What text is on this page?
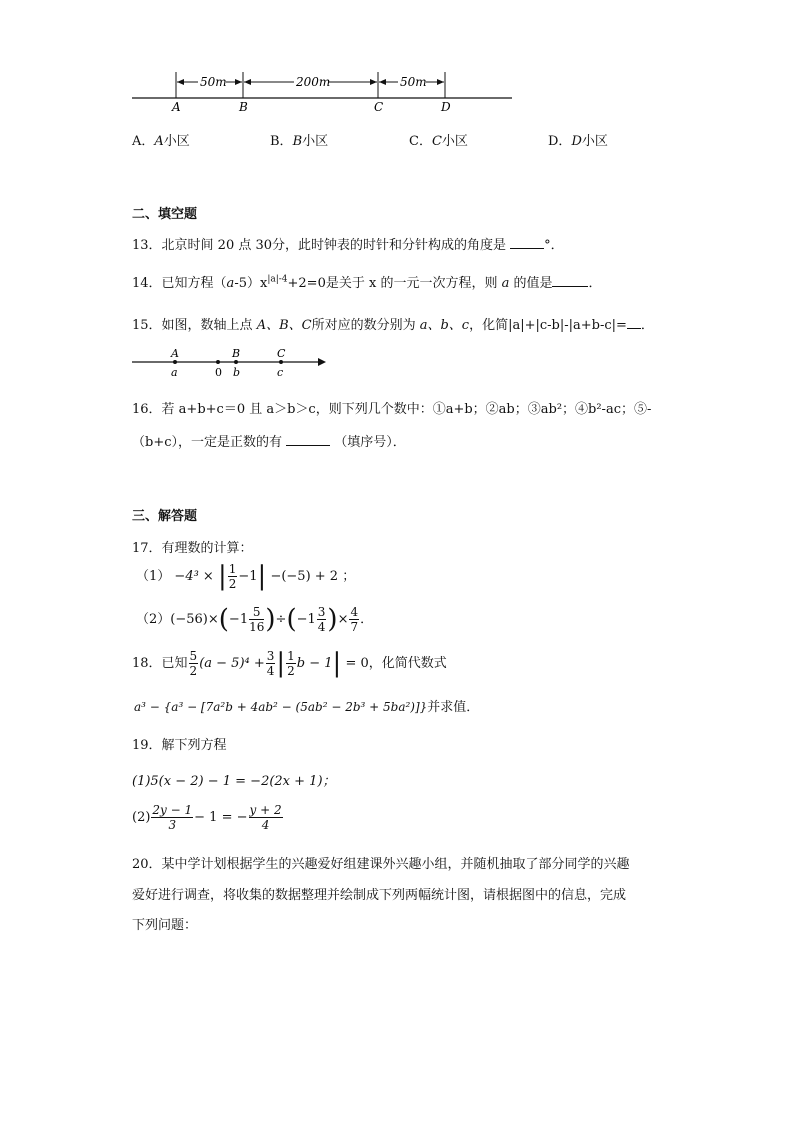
50m	200m	50m
A	B	C	D
A．A小区	B．B小区	C．C小区	D．D小区
二、填空题
13．北京时间 20 点 30分，此时钟表的时针和分针构成的角度是	°．
14．已知方程$(a-5)x^{|a|-4}+2=0$是关于 x 的一元一次方程，则 a 的值是	．
15．如图，数轴上点 A、B、C所对应的数分别为 a、b、c，化简|a|+|c-b|-|a+b-c|= ．
A	B	C
a	0 b	c
16．若 a+b+c＝0 且 a＞b＞c，则下列几个数中：①a+b；②ab；③ab²；④b²-ac；⑤-
（b+c），一定是正数的有	（填序号）．
三、解答题
17．有理数的计算：
（1） −4³ × | $\frac{1}{2} -1| -(-5) + 2$ ；
$(2)(-56)\times(-1 \frac{5}{16} )\div(-1 \frac{3}{4}$ )× $\frac{4}{7}$ ．
18．已知 $\frac{5}{2} (a - 5)^4 + \frac{3}{4}$ | $\frac{1}{2}$ b − 1| = 0，化简代数式
a³ − {a³ − [7a²b + 4ab² − (5ab² − 2b³ + 5ba²)]}并求值．
19．解下列方程
(1)5(x − 2) − 1 = −2(2x + 1)；
$(2) \frac{2y - 1}{3} - 1$ = − $\frac{y + 2}{4}$
20．某中学计划根据学生的兴趣爱好组建课外兴趣小组，并随机抽取了部分同学的兴趣
爱好进行调查，将收集的数据整理并绘制成下列两幅统计图，请根据图中的信息，完成
下列问题：
